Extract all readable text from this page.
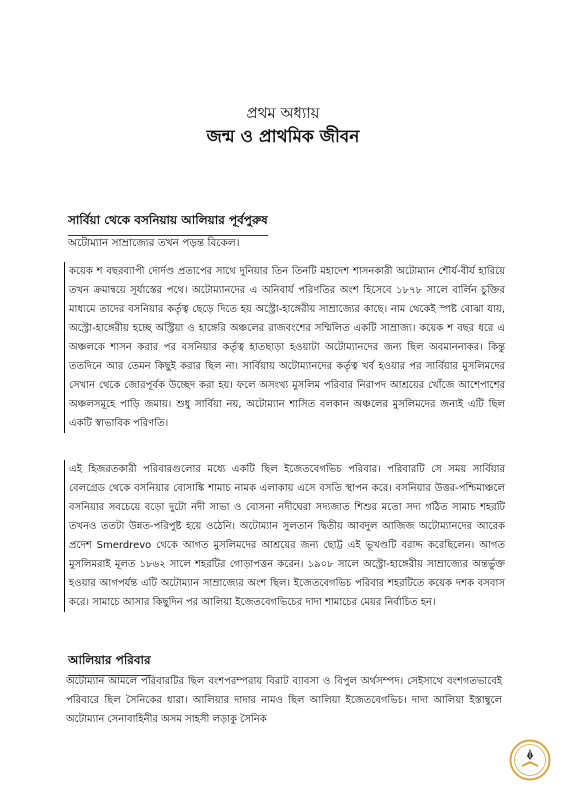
প্রথম অধ্যায়
জন্ম ও প্রাথমিক জীবন
সার্বিয়া থেকে বসনিয়ায় আলিয়ার পূর্বপুরুষ
অটোম্যান সাম্রাজ্যের তখন পড়ন্ত বিকেল।
কয়েক শ বছরব্যাপী দোর্দণ্ড প্রতাপের সাথে দুনিয়ার তিন তিনটি মহাদেশ শাসনকারী অটোম্যান শৌর্য-বীর্য হারিয়ে তখন ক্রমান্বয়ে সূর্যাস্তের পথে। অটোম্যানদের এ অনিবার্য পরিণতির অংশ হিসেবে ১৮৭৮ সালে বার্লিন চুক্তির মাধ্যমে তাদের বসনিয়ার কর্তৃত্ব ছেড়ে দিতে হয় অস্ট্রো-হাঙ্গেরীয় সাম্রাজ্যের কাছে। নাম থেকেই স্পষ্ট বোঝা যায়, অস্ট্রো-হাঙ্গেরীয় হচ্ছে অস্ট্রিয়া ও হাঙ্গেরি অঞ্চলের রাজবংশের সম্মিলিত একটি সাম্রাজ্য। কয়েক শ বছর ধরে এ অঞ্চলকে শাসন করার পর বসনিয়ার কর্তৃত্ব হাতছাড়া হওয়াটা অটোম্যানদের জন্য ছিল অবমাননাকর। কিন্তু ততদিনে আর তেমন কিছুই করার ছিল না। সার্বিয়ায় অটোম্যানদের কর্তৃত্ব খর্ব হওয়ার পর সার্বিয়ার মুসলিমদের সেখান থেকে জোরপূর্বক উচ্ছেদ করা হয়। ফলে অসংখ্য মুসলিম পরিবার নিরাপদ আশ্রয়ের খোঁজে আশেপাশের অঞ্চলসমূহে পাড়ি জমায়। শুধু সার্বিয়া নয়, অটোম্যান শাসিত বলকান অঞ্চলের মুসলিমদের জন্যই এটি ছিল একটি স্বাভাবিক পরিণতি।
এই হিজরতকারী পরিবারগুলোর মধ্যে একটি ছিল ইজেতবেগভিচ পরিবার। পরিবারটি সে সময় সার্বিয়ার বেলগ্রেড থেকে বসনিয়ার বোসাঙ্কি শামাচ নামক এলাকায় এসে বসতি স্থাপন করে। বসনিয়ার উত্তর-পশ্চিমাঞ্চলে বসনিয়ার সবচেয়ে বড়ো দুটো নদী সাভা ও বোসনা নদীঘেরা সদ্যজাত শিশুর মতো সদ্য গঠিত সামাচ শহরটি তখনও ততটা উন্নত-পরিপুষ্ট হয়ে ওঠেনি। অটোম্যান সুলতান দ্বিতীয় আবদুল আজিজ অটোম্যানদের আরেক প্রদেশ Smerdrevo থেকে আগত মুসলিমদের আশ্রয়ের জন্য ছোট্ট এই ভূখণ্ডটি বরাদ্দ করেছিলেন। আগত মুসলিমরাই মূলত ১৮৬২ সালে শহরটির গোড়াপত্তন করেন। ১৯০৮ সালে অস্ট্রো-হাঙ্গেরীয় সাম্রাজ্যের অন্তর্ভুক্ত হওয়ার আগপর্যন্ত এটি অটোম্যান সাম্রাজ্যের অংশ ছিল। ইজেতবেগভিচ পরিবার শহরটিতে কয়েক দশক বসবাস করে। সামাচে আসার কিছুদিন পর আলিয়া ইজেতবেগভিচের দাদা শামাচের মেয়র নির্বাচিত হন।
আলিয়ার পরিবার
অটোম্যান আমলে পরিবারটির ছিল বংশপরম্পরায় বিরাট ব্যাবসা ও বিপুল অর্থসম্পদ। সেইসাথে বংশগতভাবেই পরিবারে ছিল সৈনিকের ধারা। আলিয়ার দাদার নামও ছিল আলিয়া ইজেতবেগভিচ। দাদা আলিয়া ইস্তাম্বুলে অটোম্যান সেনাবাহিনীর অসম সাহসী লড়াকু সৈনিক
